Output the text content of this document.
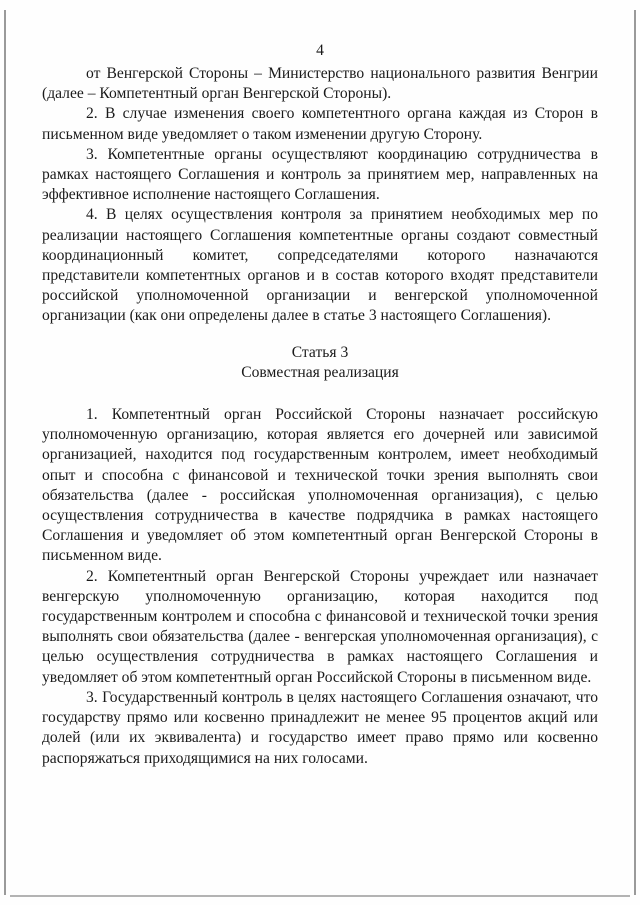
4

от Венгерской Стороны – Министерство национального развития Венгрии (далее – Компетентный орган Венгерской Стороны).

2. В случае изменения своего компетентного органа каждая из Сторон в письменном виде уведомляет о таком изменении другую Сторону.

3. Компетентные органы осуществляют координацию сотрудничества в рамках настоящего Соглашения и контроль за принятием мер, направленных на эффективное исполнение настоящего Соглашения.

4. В целях осуществления контроля за принятием необходимых мер по реализации настоящего Соглашения компетентные органы создают совместный координационный комитет, сопредседателями которого назначаются представители компетентных органов и в состав которого входят представители российской уполномоченной организации и венгерской уполномоченной организации (как они определены далее в статье 3 настоящего Соглашения).

Статья 3

Совместная реализация

1. Компетентный орган Российской Стороны назначает российскую уполномоченную организацию, которая является его дочерней или зависимой организацией, находится под государственным контролем, имеет необходимый опыт и способна с финансовой и технической точки зрения выполнять свои обязательства (далее - российская уполномоченная организация), с целью осуществления сотрудничества в качестве подрядчика в рамках настоящего Соглашения и уведомляет об этом компетентный орган Венгерской Стороны в письменном виде.

2. Компетентный орган Венгерской Стороны учреждает или назначает венгерскую уполномоченную организацию, которая находится под государственным контролем и способна с финансовой и технической точки зрения выполнять свои обязательства (далее - венгерская уполномоченная организация), с целью осуществления сотрудничества в рамках настоящего Соглашения и уведомляет об этом компетентный орган Российской Стороны в письменном виде.

3. Государственный контроль в целях настоящего Соглашения означают, что государству прямо или косвенно принадлежит не менее 95 процентов акций или долей (или их эквивалента) и государство имеет право прямо или косвенно распоряжаться приходящимися на них голосами.
